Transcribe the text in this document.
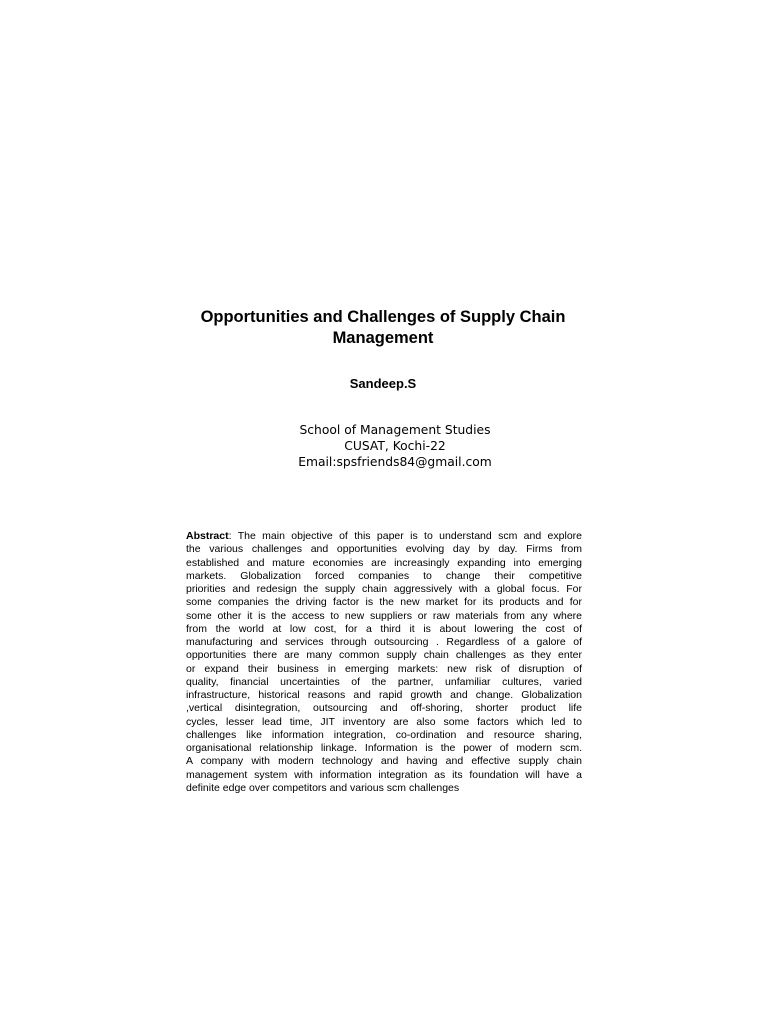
Opportunities and Challenges of Supply Chain Management
Sandeep.S
School of Management Studies
CUSAT, Kochi-22
Email:spsfriends84@gmail.com
Abstract: The main objective of this paper is to understand scm and explore
the various challenges and opportunities evolving day by day. Firms from
established and mature economies are increasingly expanding into emerging
markets. Globalization forced companies to change their competitive
priorities and redesign the supply chain aggressively with a global focus. For
some companies the driving factor is the new market for its products and for
some other it is the access to new suppliers or raw materials from any where
from the world at low cost, for a third it is about lowering the cost of
manufacturing and services through outsourcing . Regardless of a galore of
opportunities there are many common supply chain challenges as they enter
or expand their business in emerging markets: new risk of disruption of
quality, financial uncertainties of the partner, unfamiliar cultures, varied
infrastructure, historical reasons and rapid growth and change. Globalization
,vertical disintegration, outsourcing and off-shoring, shorter product life
cycles, lesser lead time, JIT inventory are also some factors which led to
challenges like information integration, co-ordination and resource sharing,
organisational relationship linkage. Information is the power of modern scm.
A company with modern technology and having and effective supply chain
management system with information integration as its foundation will have a
definite edge over competitors and various scm challenges
